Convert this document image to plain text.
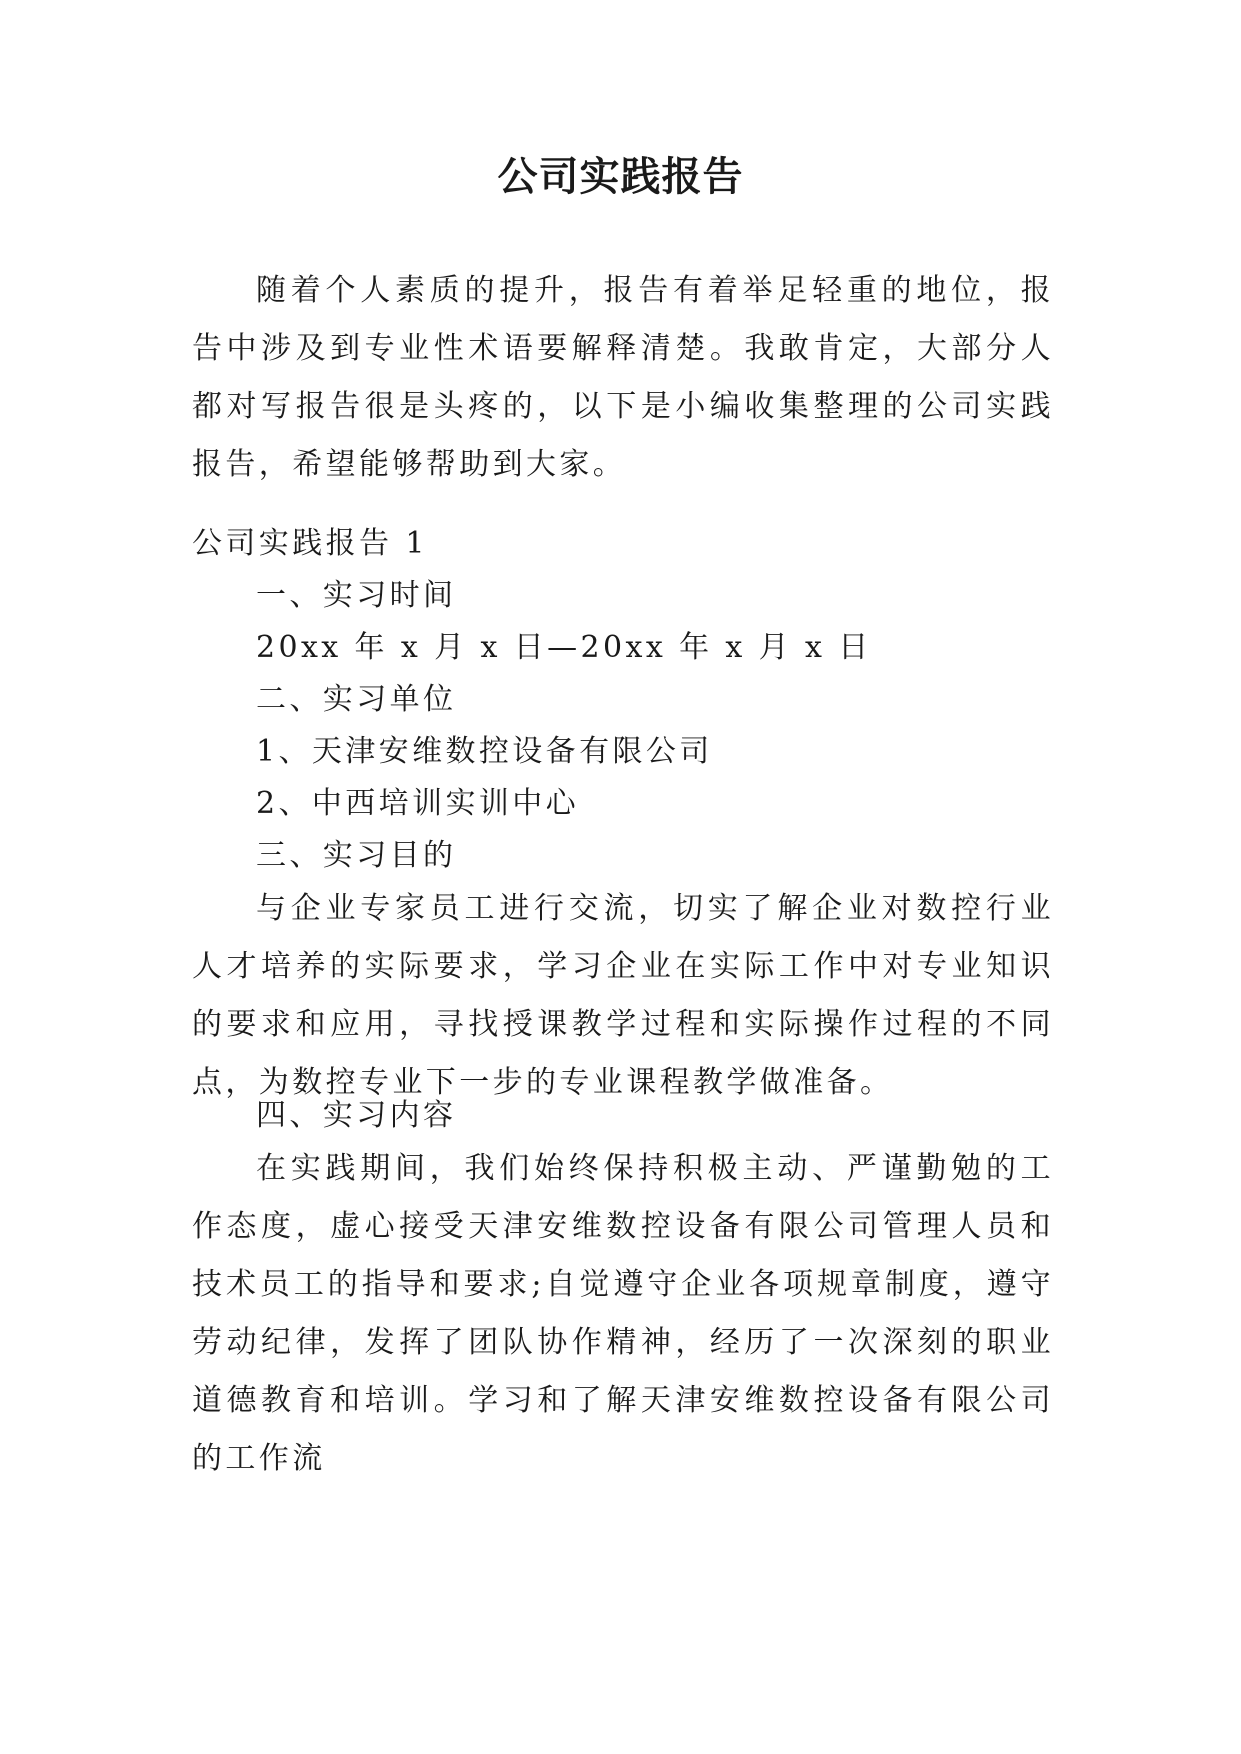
公司实践报告

随着个人素质的提升，报告有着举足轻重的地位，报告中涉及到专业性术语要解释清楚。我敢肯定，大部分人都对写报告很是头疼的，以下是小编收集整理的公司实践报告，希望能够帮助到大家。

公司实践报告 1

一、实习时间

20xx 年 x 月 x 日—20xx 年 x 月 x 日

二、实习单位

1、天津安维数控设备有限公司

2、中西培训实训中心

三、实习目的

与企业专家员工进行交流，切实了解企业对数控行业人才培养的实际要求，学习企业在实际工作中对专业知识的要求和应用，寻找授课教学过程和实际操作过程的不同点，为数控专业下一步的专业课程教学做准备。

四、实习内容

在实践期间，我们始终保持积极主动、严谨勤勉的工作态度，虚心接受天津安维数控设备有限公司管理人员和技术员工的指导和要求;自觉遵守企业各项规章制度，遵守劳动纪律，发挥了团队协作精神，经历了一次深刻的职业道德教育和培训。学习和了解天津安维数控设备有限公司的工作流
